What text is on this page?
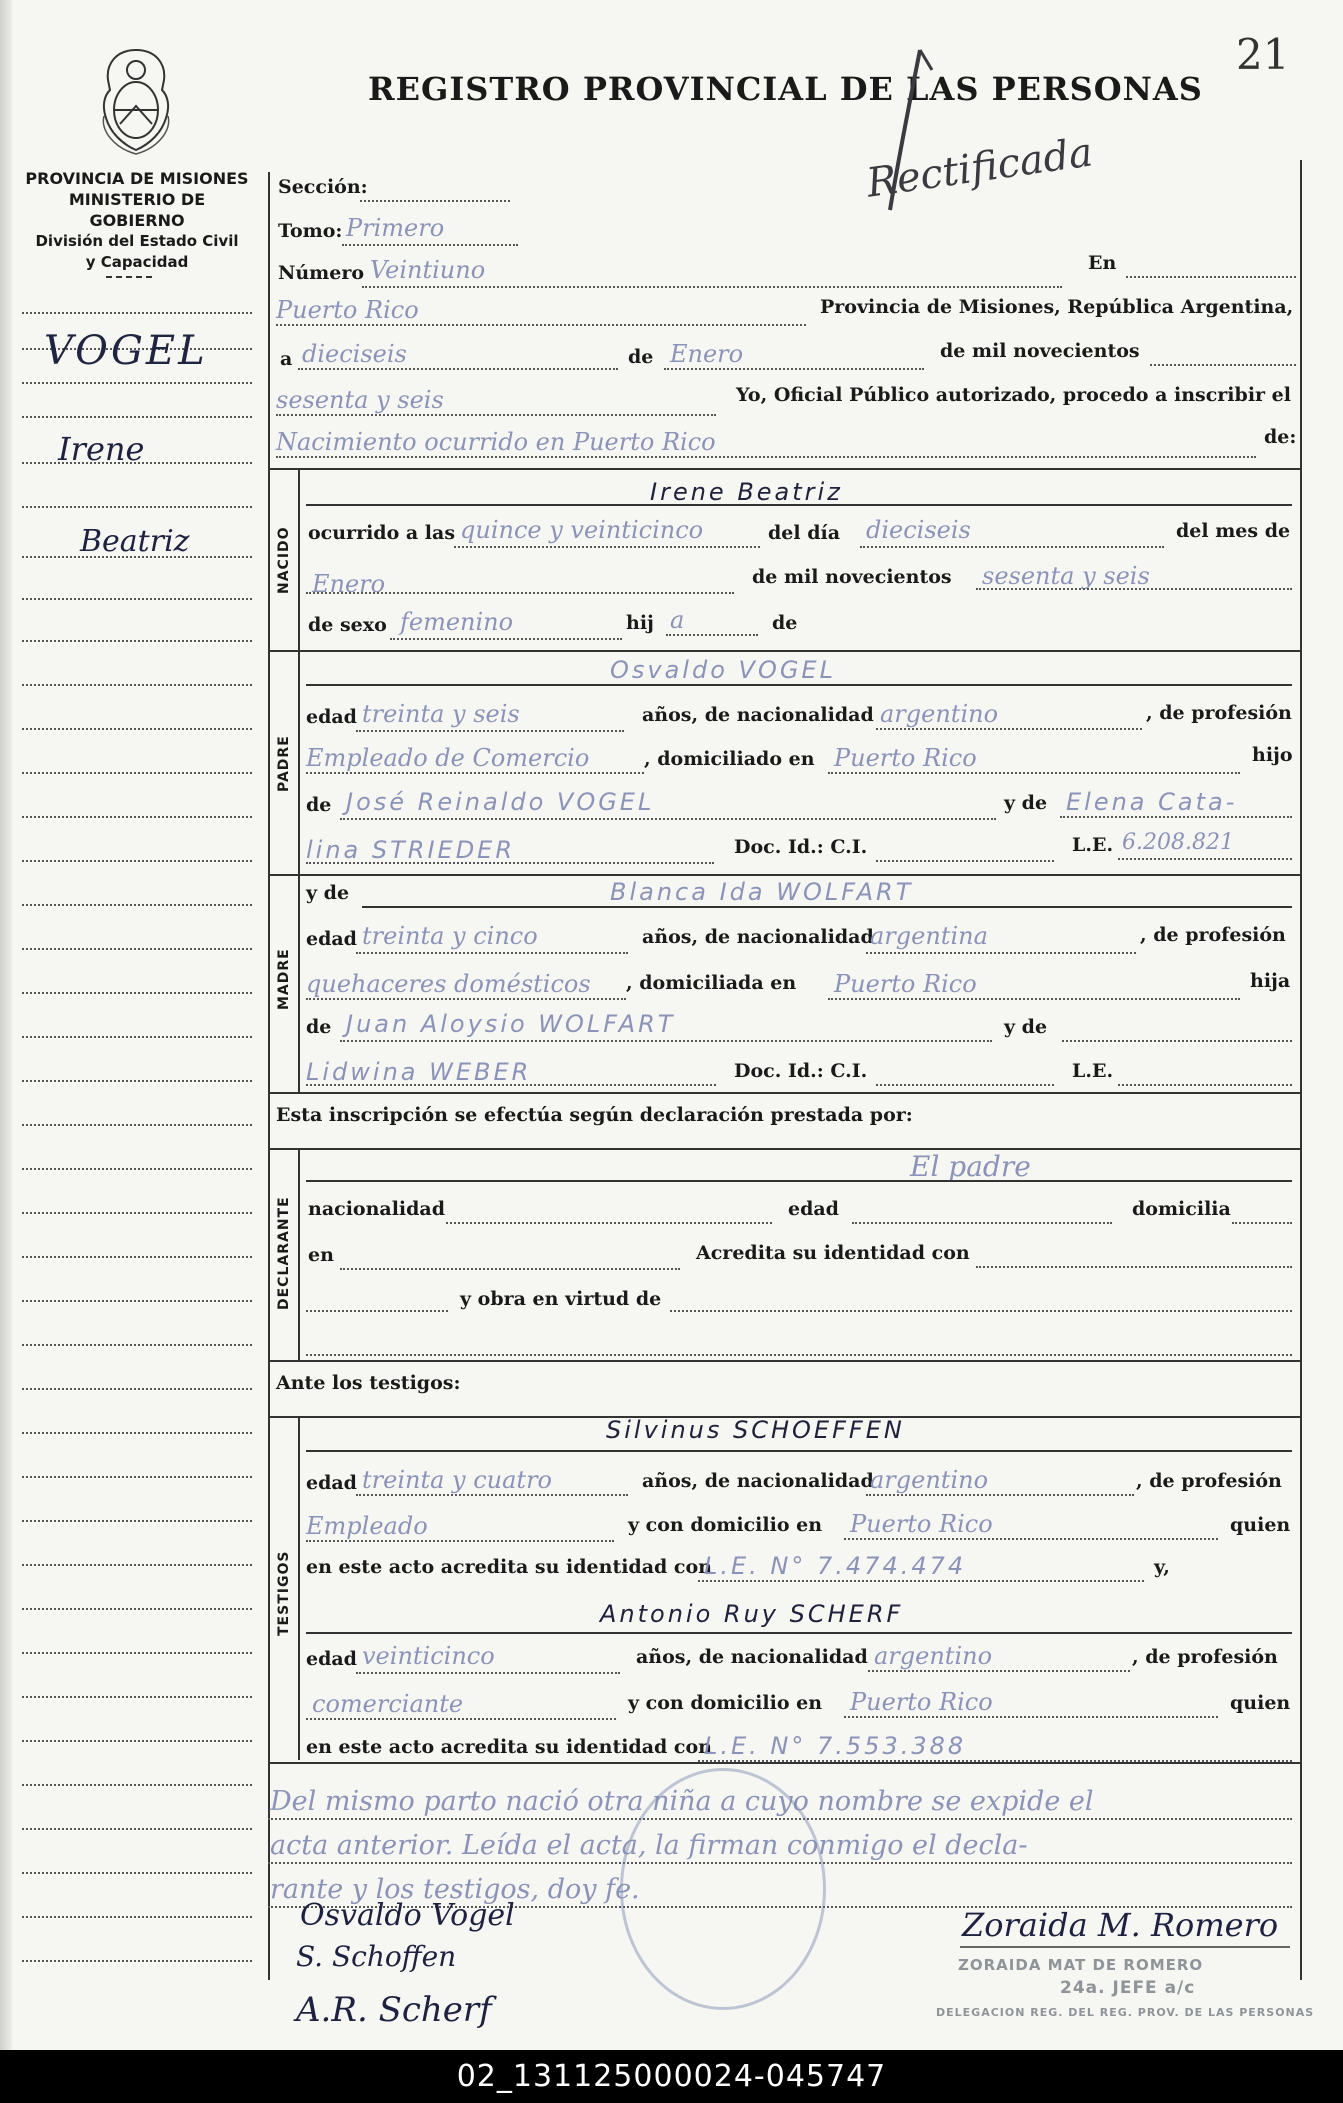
REGISTRO PROVINCIAL DE LAS PERSONAS
21
Rectificada
PROVINCIA DE MISIONES
MINISTERIO DE GOBIERNO
División del Estado Civil
y Capacidad
VOGEL
Irene
Beatriz
Sección:
Tomo: Primero
Número Veintiuno	En
Puerto Rico	Provincia de Misiones, República Argentina,
a dieciseis	de Enero	de mil novecientos
sesenta y seis	Yo, Oficial Público autorizado, procedo a inscribir el
Nacimiento ocurrido en Puerto Rico	de:
NACIDO
Irene Beatriz
ocurrido a las quince y veinticinco	del día dieciseis	del mes de
Enero	de mil novecientos sesenta y seis
de sexo femenino	hij a	de
PADRE
Osvaldo VOGEL
edad treinta y seis	años, de nacionalidad argentino	, de profesión
Empleado de Comercio	, domiciliado en Puerto Rico	hijo
de José Reinaldo VOGEL	y de Elena Cata-
lina STRIEDER	Doc. Id.: C.I.	L.E. 6.208.821
MADRE
y de	Blanca Ida WOLFART
edad treinta y cinco	años, de nacionalidad
argentina	, de profesión
quehaceres domésticos , domiciliada en Puerto Rico	hija
de Juan Aloysio WOLFART	y de
Lidwina WEBER	Doc. Id.: C.I.	L.E.
Esta inscripción se efectúa según declaración prestada por:
DECLARANTE
El padre
nacionalidad	edad	domicilia
en	Acredita su identidad con
y obra en virtud de
Ante los testigos:
TESTIGOS
Silvinus SCHOEFFEN
edad treinta y cuatro	años, de nacionalidad
argentino	, de profesión
Empleado	y con domicilio en Puerto Rico	quien
en este acto acredita su identidad con
L.E. N° 7.474.474	y,
Antonio Ruy SCHERF
edad veinticinco	años, de nacionalidad argentino	, de profesión
comerciante	y con domicilio en Puerto Rico	quien
en este acto acredita su identidad con
L.E. N° 7.553.388
Del mismo parto nació otra niña a cuyo nombre se expide el
acta anterior. Leída el acta, la firman conmigo el decla-
rante y los testigos, doy fe.
Osvaldo Vogel
S. Schoffen
A.R. Scherf
Zoraida M. Romero
ZORAIDA MAT DE ROMERO
24a. JEFE a/c
DELEGACION REG. DEL REG. PROV. DE LAS PERSONAS
02_131125000024-045747
